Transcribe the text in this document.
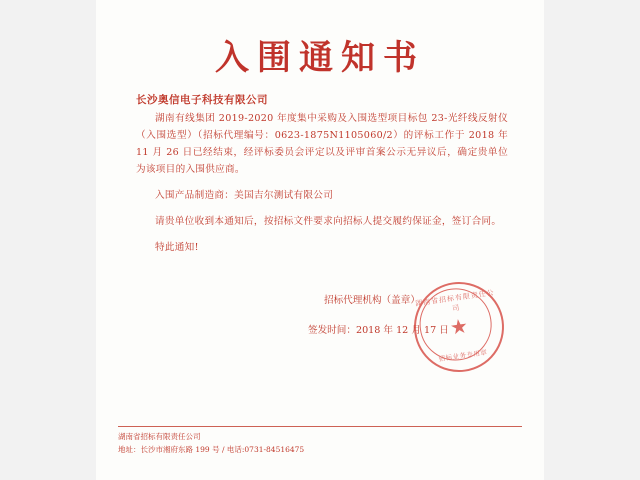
入围通知书
长沙奥信电子科技有限公司

湖南有线集团 2019-2020 年度集中采购及入围选型项目标包 23-光纤线反射仪（入围选型）（招标代理编号：0623-1875N1105060/2）的评标工作于 2018 年 11 月 26 日已经结束，经评标委员会评定以及评审首案公示无异议后，确定贵单位为该项目的入围供应商。

入围产品制造商：美国吉尔测试有限公司

请贵单位收到本通知后，按招标文件要求向招标人提交履约保证金，签订合同。

特此通知!

招标代理机构（盖章）
签发时间：2018 年 12 月 17 日
湖南省招标有限责任公司
★
招标业务专用章
湖南省招标有限责任公司
地址：长沙市湘府东路 199 号 / 电话:0731-84516475
